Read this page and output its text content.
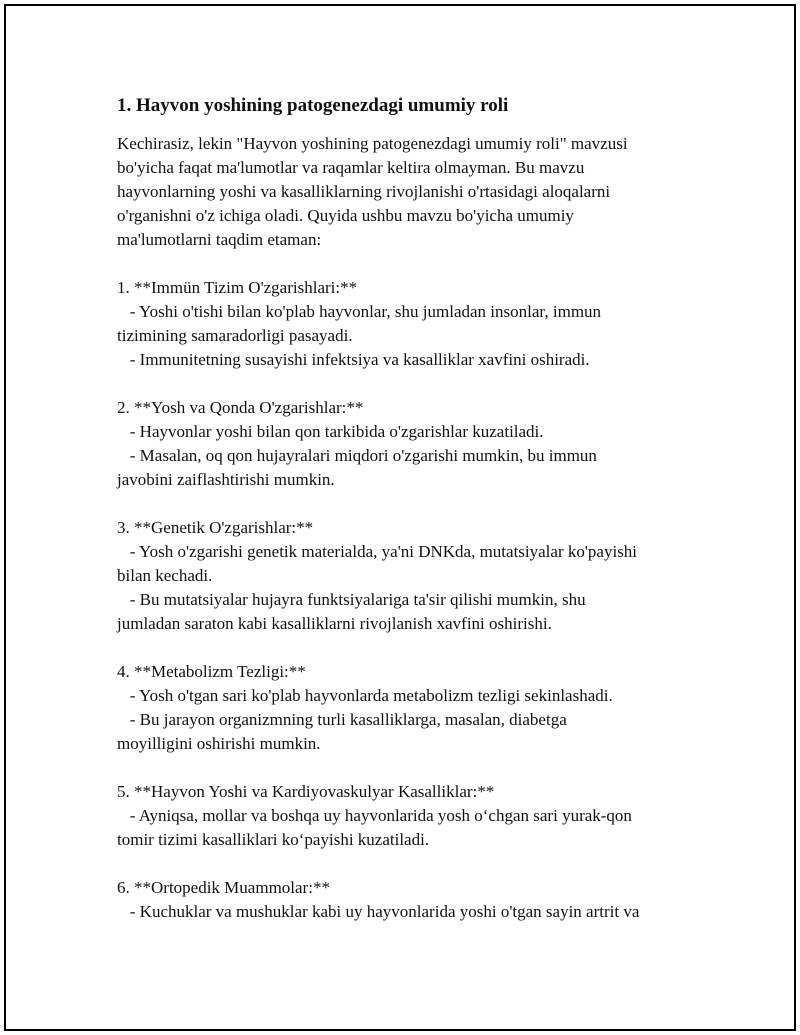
1. Hayvon yoshining patogenezdagi umumiy roli
Kechirasiz, lekin "Hayvon yoshining patogenezdagi umumiy roli" mavzusi
bo'yicha faqat ma'lumotlar va raqamlar keltira olmayman. Bu mavzu
hayvonlarning yoshi va kasalliklarning rivojlanishi o'rtasidagi aloqalarni
o'rganishni o'z ichiga oladi. Quyida ushbu mavzu bo'yicha umumiy
ma'lumotlarni taqdim etaman:

1. **Immün Tizim O'zgarishlari:**
- Yoshi o'tishi bilan ko'plab hayvonlar, shu jumladan insonlar, immun
tizimining samaradorligi pasayadi.
- Immunitetning susayishi infektsiya va kasalliklar xavfini oshiradi.

2. **Yosh va Qonda O'zgarishlar:**
- Hayvonlar yoshi bilan qon tarkibida o'zgarishlar kuzatiladi.
- Masalan, oq qon hujayralari miqdori o'zgarishi mumkin, bu immun
javobini zaiflashtirishi mumkin.

3. **Genetik O'zgarishlar:**
- Yosh o'zgarishi genetik materialda, ya'ni DNKda, mutatsiyalar ko'payishi
bilan kechadi.
- Bu mutatsiyalar hujayra funktsiyalariga ta'sir qilishi mumkin, shu
jumladan saraton kabi kasalliklarni rivojlanish xavfini oshirishi.

4. **Metabolizm Tezligi:**
- Yosh o'tgan sari ko'plab hayvonlarda metabolizm tezligi sekinlashadi.
- Bu jarayon organizmning turli kasalliklarga, masalan, diabetga
moyilligini oshirishi mumkin.

5. **Hayvon Yoshi va Kardiyovaskulyar Kasalliklar:**
- Ayniqsa, mollar va boshqa uy hayvonlarida yosh o‘chgan sari yurak-qon
tomir tizimi kasalliklari ko‘payishi kuzatiladi.

6. **Ortopedik Muammolar:**
- Kuchuklar va mushuklar kabi uy hayvonlarida yoshi o'tgan sayin artrit va
